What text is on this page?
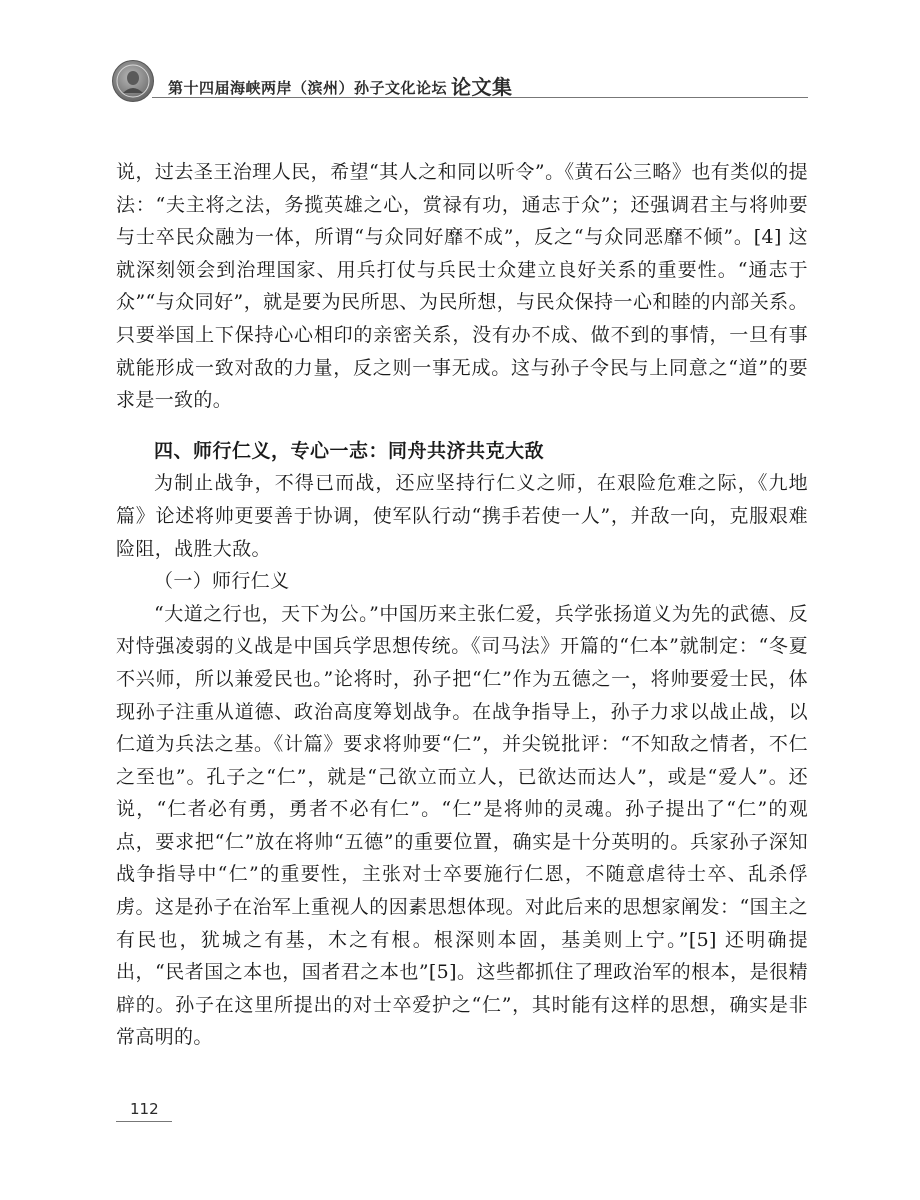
第十四届海峡两岸（滨州）孙子文化论坛 论文集

说，过去圣王治理人民，希望“其人之和同以听令”。《黄石公三略》也有类似的提法：“夫主将之法，务揽英雄之心，赏禄有功，通志于众”；还强调君主与将帅要与士卒民众融为一体，所谓“与众同好靡不成”，反之“与众同恶靡不倾”。[4] 这就深刻领会到治理国家、用兵打仗与兵民士众建立良好关系的重要性。“通志于众”“与众同好”，就是要为民所思、为民所想，与民众保持一心和睦的内部关系。只要举国上下保持心心相印的亲密关系，没有办不成、做不到的事情，一旦有事就能形成一致对敌的力量，反之则一事无成。这与孙子令民与上同意之“道”的要求是一致的。

四、师行仁义，专心一志：同舟共济共克大敌

为制止战争，不得已而战，还应坚持行仁义之师，在艰险危难之际，《九地篇》论述将帅更要善于协调，使军队行动“携手若使一人”，并敌一向，克服艰难险阻，战胜大敌。

（一）师行仁义

“大道之行也，天下为公。”中国历来主张仁爱，兵学张扬道义为先的武德、反对恃强凌弱的义战是中国兵学思想传统。《司马法》开篇的“仁本”就制定：“冬夏不兴师，所以兼爱民也。”论将时，孙子把“仁”作为五德之一，将帅要爱士民，体现孙子注重从道德、政治高度筹划战争。在战争指导上，孙子力求以战止战，以仁道为兵法之基。《计篇》要求将帅要“仁”，并尖锐批评：“不知敌之情者，不仁之至也”。孔子之“仁”，就是“己欲立而立人，已欲达而达人”，或是“爱人”。还说，“仁者必有勇，勇者不必有仁”。“仁”是将帅的灵魂。孙子提出了“仁”的观点，要求把“仁”放在将帅“五德”的重要位置，确实是十分英明的。兵家孙子深知战争指导中“仁”的重要性，主张对士卒要施行仁恩，不随意虐待士卒、乱杀俘虏。这是孙子在治军上重视人的因素思想体现。对此后来的思想家阐发：“国主之有民也，犹城之有基，木之有根。根深则本固，基美则上宁。”[5] 还明确提出，“民者国之本也，国者君之本也”[5]。这些都抓住了理政治军的根本，是很精辟的。孙子在这里所提出的对士卒爱护之“仁”，其时能有这样的思想，确实是非常高明的。

112
